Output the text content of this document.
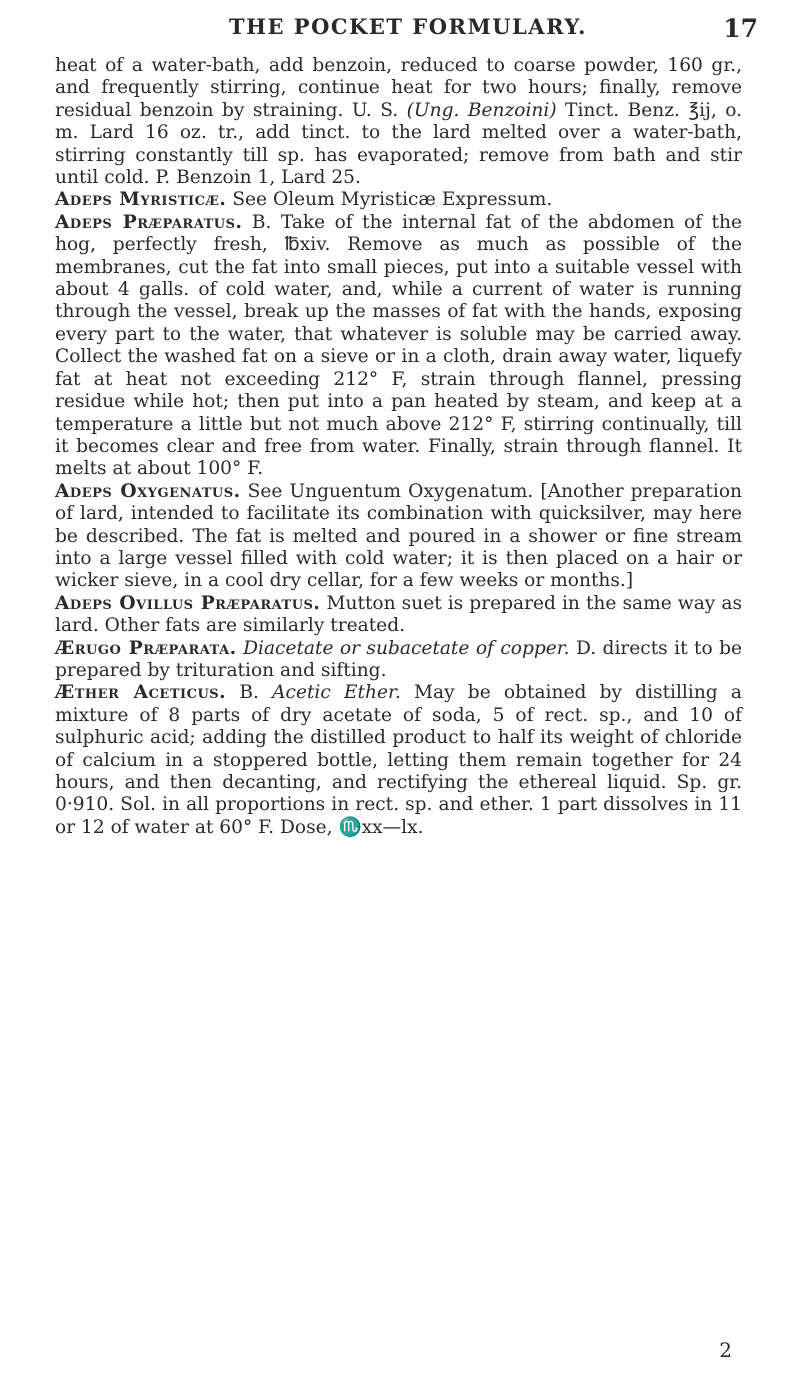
THE POCKET FORMULARY.	17

heat of a water-bath, add benzoin, reduced to coarse powder, 160 gr., and frequently stirring, continue heat for two hours; finally, remove residual benzoin by straining. U. S. (Ung. Benzoini) Tinct. Benz. ℥ij, o. m. Lard 16 oz. tr., add tinct. to the lard melted over a water-bath, stirring constantly till sp. has evaporated; remove from bath and stir until cold. P. Benzoin 1, Lard 25.

Adeps Myristicæ. See Oleum Myristicæ Expressum.

Adeps Præparatus. B. Take of the internal fat of the abdomen of the hog, perfectly fresh, ℔xiv. Remove as much as possible of the membranes, cut the fat into small pieces, put into a suitable vessel with about 4 galls. of cold water, and, while a current of water is running through the vessel, break up the masses of fat with the hands, exposing every part to the water, that whatever is soluble may be carried away. Collect the washed fat on a sieve or in a cloth, drain away water, liquefy fat at heat not exceeding 212° F, strain through flannel, pressing residue while hot; then put into a pan heated by steam, and keep at a temperature a little but not much above 212° F, stirring continually, till it becomes clear and free from water. Finally, strain through flannel. It melts at about 100° F.

Adeps Oxygenatus. See Unguentum Oxygenatum. [Another preparation of lard, intended to facilitate its combination with quicksilver, may here be described. The fat is melted and poured in a shower or fine stream into a large vessel filled with cold water; it is then placed on a hair or wicker sieve, in a cool dry cellar, for a few weeks or months.]

Adeps Ovillus Præparatus. Mutton suet is prepared in the same way as lard. Other fats are similarly treated.

Ærugo Præparata. Diacetate or subacetate of copper. D. directs it to be prepared by trituration and sifting.

Æther Aceticus. B. Acetic Ether. May be obtained by distilling a mixture of 8 parts of dry acetate of soda, 5 of rect. sp., and 10 of sulphuric acid; adding the distilled product to half its weight of chloride of calcium in a stoppered bottle, letting them remain together for 24 hours, and then decanting, and rectifying the ethereal liquid. Sp. gr. 0·910. Sol. in all proportions in rect. sp. and ether. 1 part dissolves in 11 or 12 of water at 60° F. Dose, ♏xx—lx.

2
